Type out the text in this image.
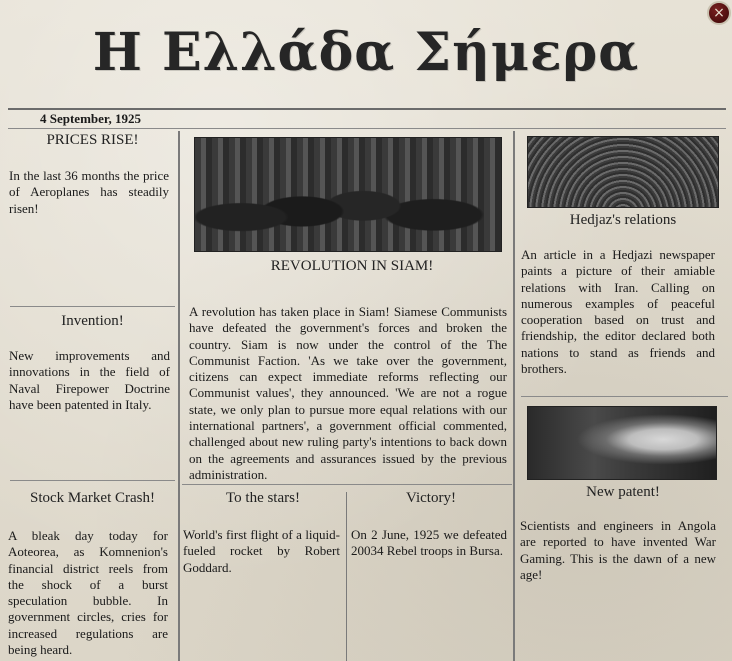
×
Η Ελλάδα Σήμερα
4 September, 1925
PRICES RISE!
In the last 36 months the price of Aeroplanes has steadily risen!
Invention!
New improvements and innovations in the field of Naval Firepower Doctrine have been patented in Italy.
Stock Market Crash!
A bleak day today for Aoteorea, as Komnenion's financial district reels from the shock of a burst speculation bubble. In government circles, cries for increased regulations are being heard.
REVOLUTION IN SIAM!
A revolution has taken place in Siam! Siamese Communists have defeated the government's forces and broken the country. Siam is now under the control of the The Communist Faction. 'As we take over the government, citizens can expect immediate reforms reflecting our Communist values', they announced. 'We are not a rogue state, we only plan to pursue more equal relations with our international partners', a government official commented, challenged about new ruling party's intentions to back down on the agreements and assurances issued by the previous administration.
To the stars!
World's first flight of a liquid-fueled rocket by Robert Goddard.
Victory!
On 2 June, 1925 we defeated 20034 Rebel troops in Bursa.
Hedjaz's relations
An article in a Hedjazi newspaper paints a picture of their amiable relations with Iran. Calling on numerous examples of peaceful cooperation based on trust and friendship, the editor declared both nations to stand as friends and brothers.
New patent!
Scientists and engineers in Angola are reported to have invented War Gaming. This is the dawn of a new age!
